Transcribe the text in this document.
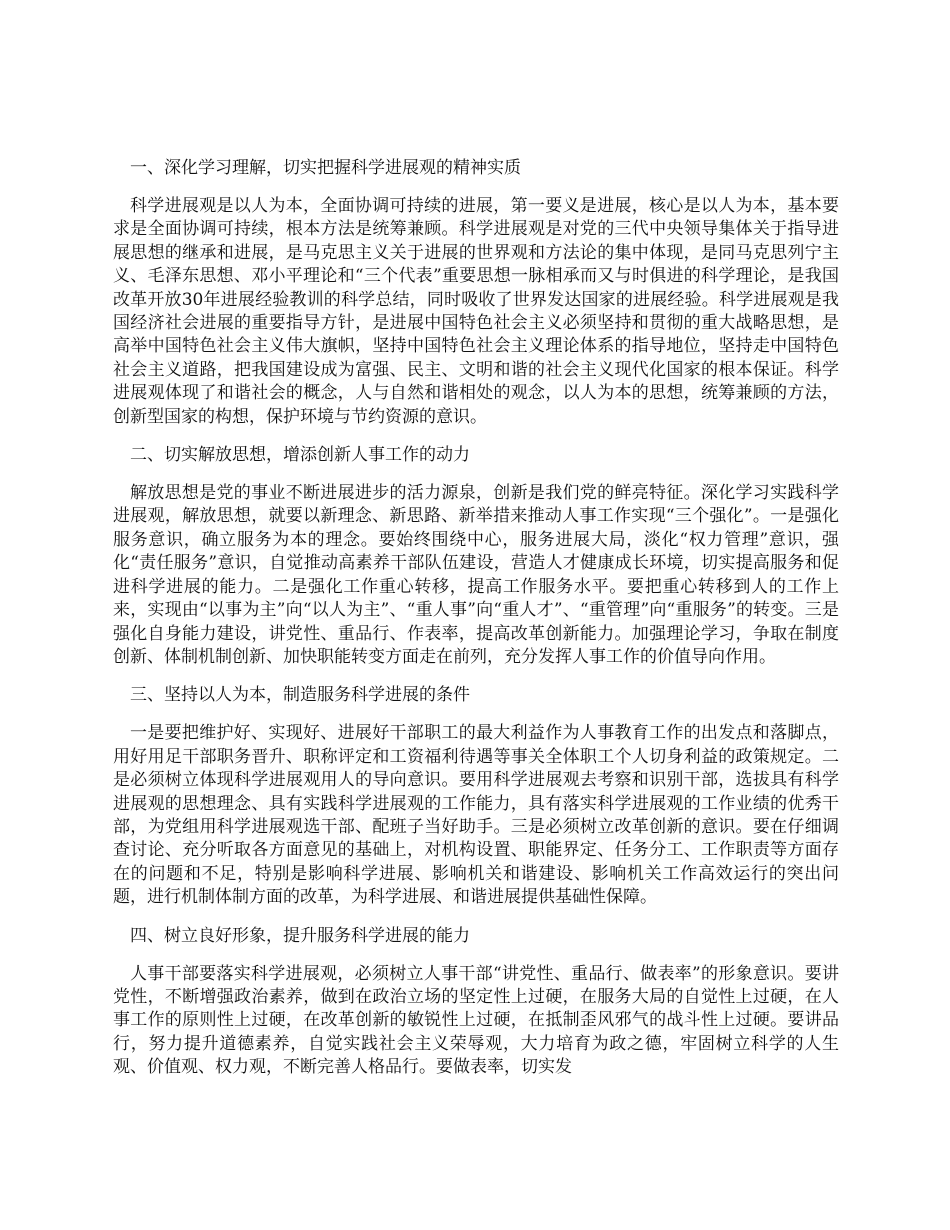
一、深化学习理解，切实把握科学进展观的精神实质
科学进展观是以人为本，全面协调可持续的进展，第一要义是进展，核心是以人为本，基本要求是全面协调可持续，根本方法是统筹兼顾。科学进展观是对党的三代中央领导集体关于指导进展思想的继承和进展，是马克思主义关于进展的世界观和方法论的集中体现，是同马克思列宁主义、毛泽东思想、邓小平理论和“三个代表”重要思想一脉相承而又与时俱进的科学理论，是我国改革开放30年进展经验教训的科学总结，同时吸收了世界发达国家的进展经验。科学进展观是我国经济社会进展的重要指导方针，是进展中国特色社会主义必须坚持和贯彻的重大战略思想，是高举中国特色社会主义伟大旗帜，坚持中国特色社会主义理论体系的指导地位，坚持走中国特色社会主义道路，把我国建设成为富强、民主、文明和谐的社会主义现代化国家的根本保证。科学进展观体现了和谐社会的概念，人与自然和谐相处的观念，以人为本的思想，统筹兼顾的方法，创新型国家的构想，保护环境与节约资源的意识。
二、切实解放思想，增添创新人事工作的动力
解放思想是党的事业不断进展进步的活力源泉，创新是我们党的鲜亮特征。深化学习实践科学进展观，解放思想，就要以新理念、新思路、新举措来推动人事工作实现“三个强化”。一是强化服务意识，确立服务为本的理念。要始终围绕中心，服务进展大局，淡化“权力管理”意识，强化“责任服务”意识，自觉推动高素养干部队伍建设，营造人才健康成长环境，切实提高服务和促进科学进展的能力。二是强化工作重心转移，提高工作服务水平。要把重心转移到人的工作上来，实现由“以事为主”向“以人为主”、“重人事”向“重人才”、“重管理”向“重服务”的转变。三是强化自身能力建设，讲党性、重品行、作表率，提高改革创新能力。加强理论学习，争取在制度创新、体制机制创新、加快职能转变方面走在前列，充分发挥人事工作的价值导向作用。
三、坚持以人为本，制造服务科学进展的条件
一是要把维护好、实现好、进展好干部职工的最大利益作为人事教育工作的出发点和落脚点，用好用足干部职务晋升、职称评定和工资福利待遇等事关全体职工个人切身利益的政策规定。二是必须树立体现科学进展观用人的导向意识。要用科学进展观去考察和识别干部，选拔具有科学进展观的思想理念、具有实践科学进展观的工作能力，具有落实科学进展观的工作业绩的优秀干部，为党组用科学进展观选干部、配班子当好助手。三是必须树立改革创新的意识。要在仔细调查讨论、充分听取各方面意见的基础上，对机构设置、职能界定、任务分工、工作职责等方面存在的问题和不足，特别是影响科学进展、影响机关和谐建设、影响机关工作高效运行的突出问题，进行机制体制方面的改革，为科学进展、和谐进展提供基础性保障。
四、树立良好形象，提升服务科学进展的能力
人事干部要落实科学进展观，必须树立人事干部“讲党性、重品行、做表率”的形象意识。要讲党性，不断增强政治素养，做到在政治立场的坚定性上过硬，在服务大局的自觉性上过硬，在人事工作的原则性上过硬，在改革创新的敏锐性上过硬，在抵制歪风邪气的战斗性上过硬。要讲品行，努力提升道德素养，自觉实践社会主义荣辱观，大力培育为政之德，牢固树立科学的人生观、价值观、权力观，不断完善人格品行。要做表率，切实发
